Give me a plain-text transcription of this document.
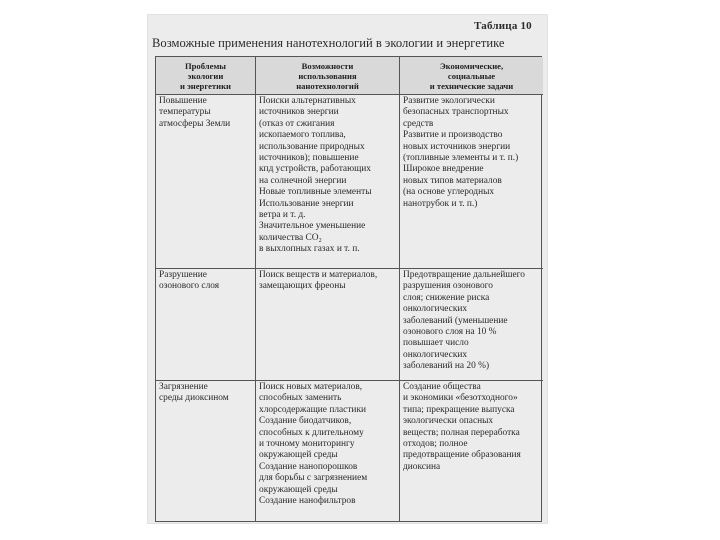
Таблица 10
Возможные применения нанотехнологий в экологии и энергетике
Проблемы
экологии
и энергетики
Возможности
использования
нанотехнологий
Экономические,
социальные
и технические задачи
Повышение
температуры
атмосферы Земли
Поиски альтернативных
источников энергии
(отказ от сжигания
ископаемого топлива,
использование природных
источников); повышение
кпд устройств, работающих
на солнечной энергии
Новые топливные элементы
Использование энергии
ветра и т. д.
Значительное уменьшение
количества CO₂
в выхлопных газах и т. п.
Развитие экологически
безопасных транспортных
средств
Развитие и производство
новых источников энергии
(топливные элементы и т. п.)
Широкое внедрение
новых типов материалов
(на основе углеродных
нанотрубок и т. п.)
Разрушение
озонового слоя
Поиск веществ и материалов,
замещающих фреоны
Предотвращение дальнейшего
разрушения озонового
слоя; снижение риска
онкологических
заболеваний (уменьшение
озонового слоя на 10 %
повышает число
онкологических
заболеваний на 20 %)
Загрязнение
среды диоксином
Поиск новых материалов,
способных заменить
хлорсодержащие пластики
Создание биодатчиков,
способных к длительному
и точному мониторингу
окружающей среды
Создание нанопорошков
для борьбы с загрязнением
окружающей среды
Создание нанофильтров
Создание общества
и экономики «безотходного»
типа; прекращение выпуска
экологически опасных
веществ; полная переработка
отходов; полное
предотвращение образования
диоксина
